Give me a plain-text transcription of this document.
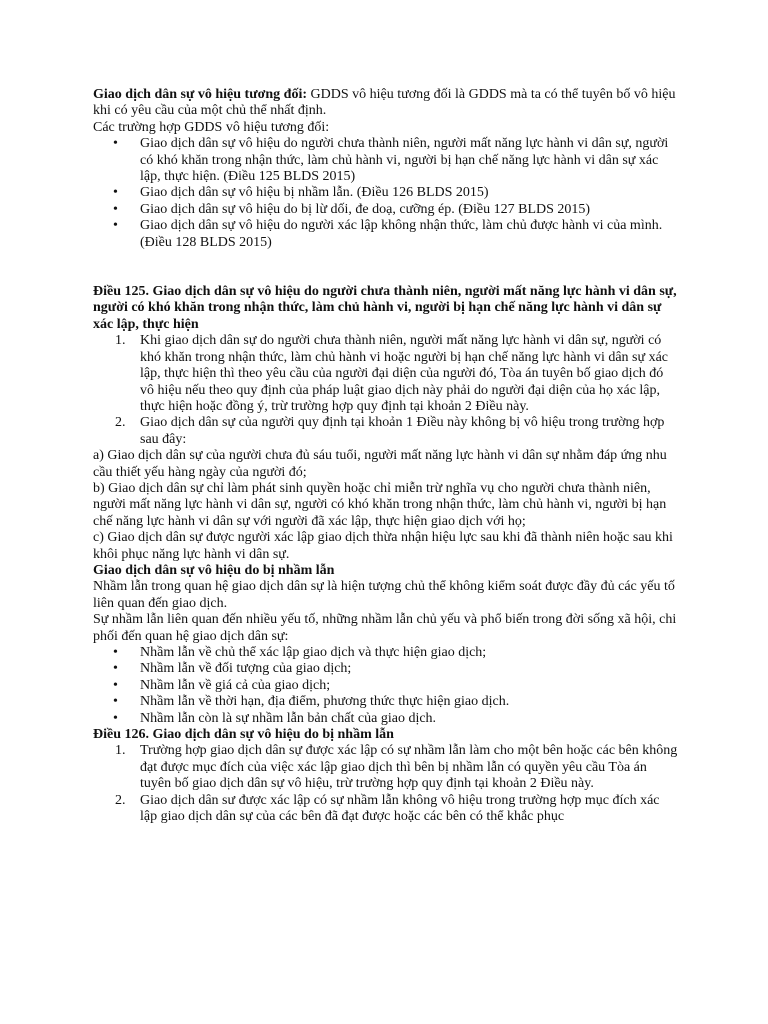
Giao dịch dân sự vô hiệu tương đối: GDDS vô hiệu tương đối là GDDS mà ta có thể tuyên bố vô hiệu khi có yêu cầu của một chủ thể nhất định.

Các trường hợp GDDS vô hiệu tương đối:

• Giao dịch dân sự vô hiệu do người chưa thành niên, người mất năng lực hành vi dân sự, người có khó khăn trong nhận thức, làm chủ hành vi, người bị hạn chế năng lực hành vi dân sự xác lập, thực hiện. (Điều 125 BLDS 2015)
• Giao dịch dân sự vô hiệu bị nhầm lẫn. (Điều 126 BLDS 2015)
• Giao dịch dân sự vô hiệu do bị lừ dối, đe doạ, cưỡng ép. (Điều 127 BLDS 2015)
• Giao dịch dân sự vô hiệu do người xác lập không nhận thức, làm chủ được hành vi của mình. (Điều 128 BLDS 2015)

Điều 125. Giao dịch dân sự vô hiệu do người chưa thành niên, người mất năng lực hành vi dân sự, người có khó khăn trong nhận thức, làm chủ hành vi, người bị hạn chế năng lực hành vi dân sự xác lập, thực hiện

1. Khi giao dịch dân sự do người chưa thành niên, người mất năng lực hành vi dân sự, người có khó khăn trong nhận thức, làm chủ hành vi hoặc người bị hạn chế năng lực hành vi dân sự xác lập, thực hiện thì theo yêu cầu của người đại diện của người đó, Tòa án tuyên bố giao dịch đó vô hiệu nếu theo quy định của pháp luật giao dịch này phải do người đại diện của họ xác lập, thực hiện hoặc đồng ý, trừ trường hợp quy định tại khoản 2 Điều này.
2. Giao dịch dân sự của người quy định tại khoản 1 Điều này không bị vô hiệu trong trường hợp sau đây:

a) Giao dịch dân sự của người chưa đủ sáu tuổi, người mất năng lực hành vi dân sự nhằm đáp ứng nhu cầu thiết yếu hàng ngày của người đó;

b) Giao dịch dân sự chỉ làm phát sinh quyền hoặc chỉ miễn trừ nghĩa vụ cho người chưa thành niên, người mất năng lực hành vi dân sự, người có khó khăn trong nhận thức, làm chủ hành vi, người bị hạn chế năng lực hành vi dân sự với người đã xác lập, thực hiện giao dịch với họ;

c) Giao dịch dân sự được người xác lập giao dịch thừa nhận hiệu lực sau khi đã thành niên hoặc sau khi khôi phục năng lực hành vi dân sự.

Giao dịch dân sự vô hiệu do bị nhầm lẫn

Nhầm lẫn trong quan hệ giao dịch dân sự là hiện tượng chủ thể không kiểm soát được đầy đủ các yếu tố liên quan đến giao dịch.

Sự nhầm lẫn liên quan đến nhiều yếu tố, những nhầm lẫn chủ yếu và phổ biến trong đời sống xã hội, chi phối đến quan hệ giao dịch dân sự:

• Nhầm lẫn về chủ thể xác lập giao dịch và thực hiện giao dịch;
• Nhầm lẫn về đối tượng của giao dịch;
• Nhầm lẫn về giá cả của giao dịch;
• Nhầm lẫn về thời hạn, địa điểm, phương thức thực hiện giao dịch.
• Nhầm lẫn còn là sự nhầm lẫn bản chất của giao dịch.

Điều 126. Giao dịch dân sự vô hiệu do bị nhầm lẫn

1. Trường hợp giao dịch dân sự được xác lập có sự nhầm lẫn làm cho một bên hoặc các bên không đạt được mục đích của việc xác lập giao dịch thì bên bị nhầm lẫn có quyền yêu cầu Tòa án tuyên bố giao dịch dân sự vô hiệu, trừ trường hợp quy định tại khoản 2 Điều này.
2. Giao dịch dân sư được xác lập có sự nhầm lẫn không vô hiệu trong trường hợp mục đích xác lập giao dịch dân sự của các bên đã đạt được hoặc các bên có thể khắc phục
